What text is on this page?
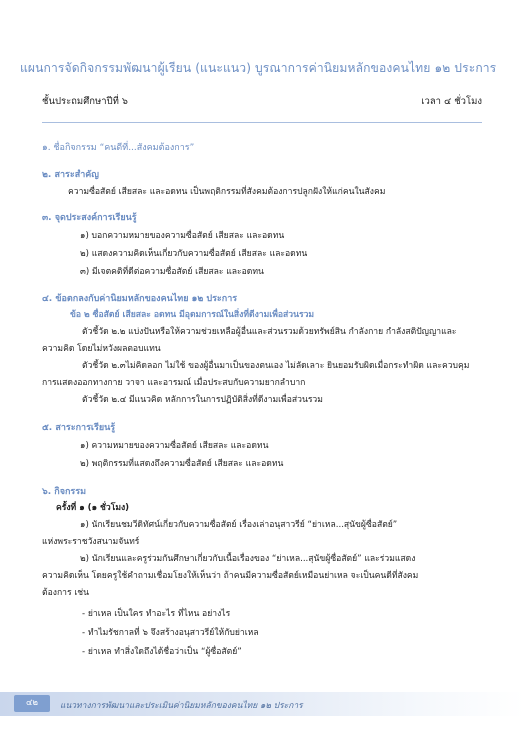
แผนการจัดกิจกรรมพัฒนาผู้เรียน (แนะแนว) บูรณาการค่านิยมหลักของคนไทย ๑๒ ประการ
ชั้นประถมศึกษาปีที่ ๖	เวลา ๔ ชั่วโมง
๑. ชื่อกิจกรรม “คนดีที่...สังคมต้องการ”
๒. สาระสำคัญ
ความซื่อสัตย์ เสียสละ และอดทน เป็นพฤติกรรมที่สังคมต้องการปลูกฝังให้แก่คนในสังคม
๓. จุดประสงค์การเรียนรู้
๑) บอกความหมายของความซื่อสัตย์ เสียสละ และอดทน
๒) แสดงความคิดเห็นเกี่ยวกับความซื่อสัตย์ เสียสละ และอดทน
๓) มีเจตคติที่ดีต่อความซื่อสัตย์ เสียสละ และอดทน
๔. ข้อตกลงกับค่านิยมหลักของคนไทย ๑๒ ประการ
ข้อ ๒ ซื่อสัตย์ เสียสละ อดทน มีอุดมการณ์ในสิ่งที่ดีงามเพื่อส่วนรวม
ตัวชี้วัด ๒.๒ แบ่งปันหรือให้ความช่วยเหลือผู้อื่นและส่วนรวมด้วยทรัพย์สิน กำลังกาย กำลังสติปัญญาและ
ความคิด โดยไม่หวังผลตอบแทน
ตัวชี้วัด ๒.๓ไม่คิดลอก ไม่ใช้ ของผู้อื่นมาเป็นของตนเอง ไม่ลัดเลาะ ยินยอมรับผิดเมื่อกระทำผิด และควบคุม
การแสดงออกทางกาย วาจา และอารมณ์ เมื่อประสบกับความยากลำบาก
ตัวชี้วัด ๒.๔ มีแนวคิด หลักการในการปฏิบัติสิ่งที่ดีงามเพื่อส่วนรวม
๕. สาระการเรียนรู้
๑) ความหมายของความซื่อสัตย์ เสียสละ และอดทน
๒) พฤติกรรมที่แสดงถึงความซื่อสัตย์ เสียสละ และอดทน
๖. กิจกรรม
ครั้งที่ ๑ (๑ ชั่วโมง)
๑) นักเรียนชมวีดิทัศน์เกี่ยวกับความซื่อสัตย์ เรื่องเล่าอนุสาวรีย์ “ย่าเหล...สุนัขผู้ซื่อสัตย์”
แห่งพระราชวังสนามจันทร์
๒) นักเรียนและครูร่วมกันศึกษาเกี่ยวกับเนื้อเรื่องของ “ย่าเหล...สุนัขผู้ซื่อสัตย์” และร่วมแสดง
ความคิดเห็น โดยครูใช้คำถามเชื่อมโยงให้เห็นว่า ถ้าคนมีความซื่อสัตย์เหมือนย่าเหล จะเป็นคนดีที่สังคม
ต้องการ เช่น
- ย่าเหล เป็นใคร ทำอะไร ที่ไหน อย่างไร
- ทำไมรัชกาลที่ ๖ จึงสร้างอนุสาวรีย์ให้กับย่าเหล
- ย่าเหล ทำสิ่งใดถึงได้ชื่อว่าเป็น “ผู้ซื่อสัตย์”
๔๒	แนวทางการพัฒนาและประเมินค่านิยมหลักของคนไทย ๑๒ ประการ
